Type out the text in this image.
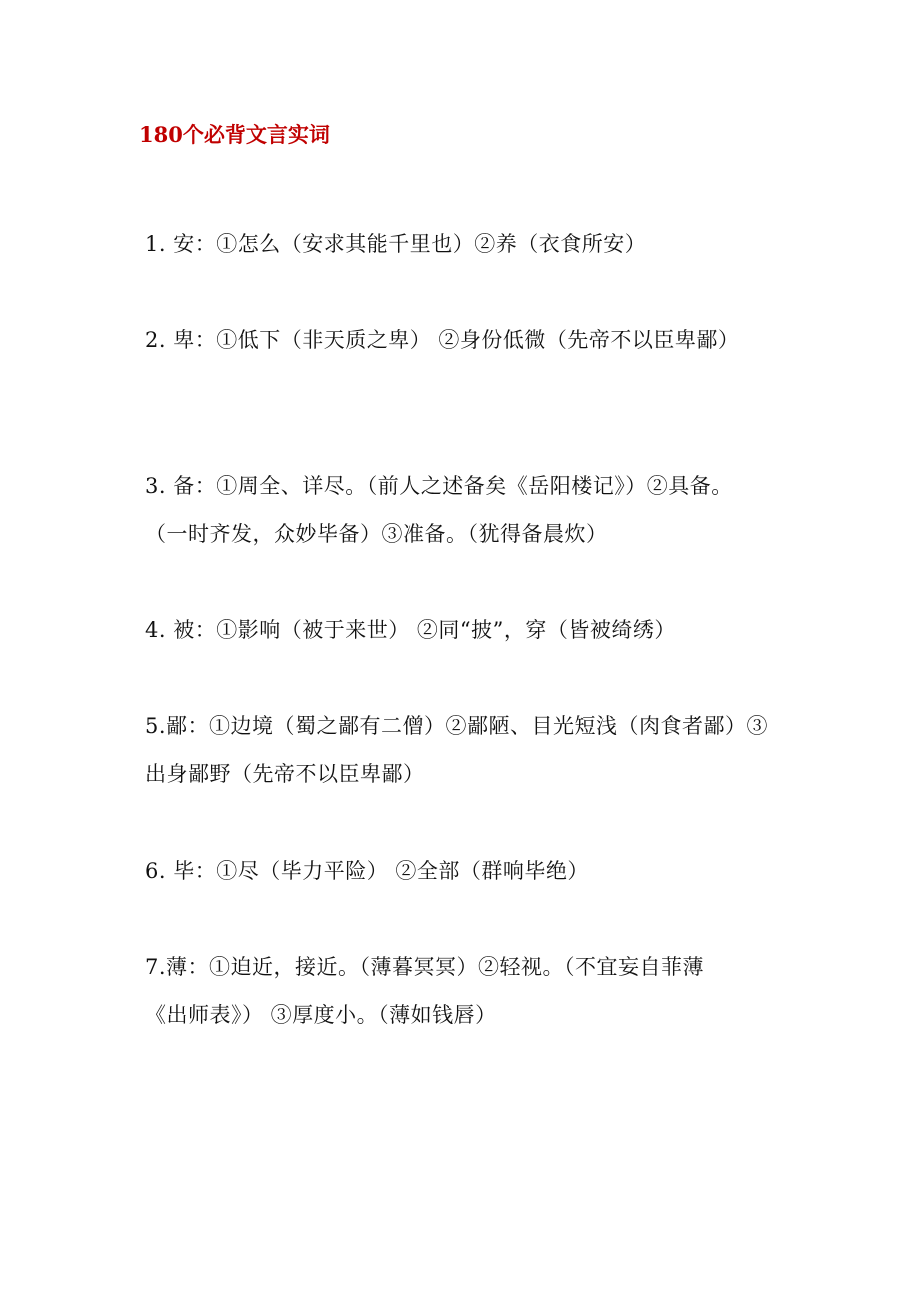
180个必背文言实词
1. 安：①怎么（安求其能千里也）②养（衣食所安）
2. 卑：①低下（非天质之卑） ②身份低微（先帝不以臣卑鄙）
3. 备：①周全、详尽。（前人之述备矣《岳阳楼记》）②具备。
（一时齐发，众妙毕备）③准备。（犹得备晨炊）
4. 被：①影响（被于来世） ②同“披”，穿（皆被绮绣）
5.鄙：①边境（蜀之鄙有二僧）②鄙陋、目光短浅（肉食者鄙）③
出身鄙野（先帝不以臣卑鄙）
6. 毕：①尽（毕力平险） ②全部（群响毕绝）
7.薄：①迫近，接近。（薄暮冥冥）②轻视。（不宜妄自菲薄
《出师表》） ③厚度小。（薄如钱唇）
